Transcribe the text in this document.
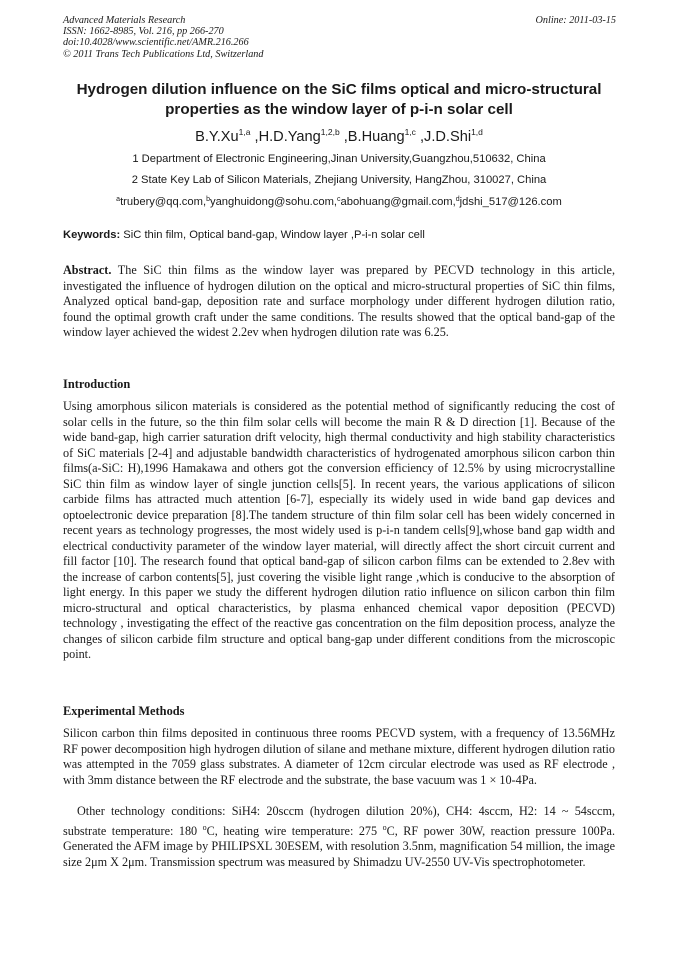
Advanced Materials Research
ISSN: 1662-8985, Vol. 216, pp 266-270
doi:10.4028/www.scientific.net/AMR.216.266
© 2011 Trans Tech Publications Ltd, Switzerland
Online: 2011-03-15
Hydrogen dilution influence on the SiC films optical and micro-structural properties as the window layer of p-i-n solar cell
B.Y.Xu$^{1,a}$ ,H.D.Yang$^{1,2,b}$ ,B.Huang$^{1,c}$ ,J.D.Shi$^{1,d}$
1 Department of Electronic Engineering,Jinan University,Guangzhou,510632, China
2 State Key Lab of Silicon Materials, Zhejiang University, HangZhou, 310027, China
$^a$trubery@qq.com,$^b$yanghuidong@sohu.com,$^c$abohuang@gmail.com,$^d$jdshi_517@126.com
Keywords: SiC thin film, Optical band-gap, Window layer ,P-i-n solar cell
Abstract. The SiC thin films as the window layer was prepared by PECVD technology in this article, investigated the influence of hydrogen dilution on the optical and micro-structural properties of SiC thin films, Analyzed optical band-gap, deposition rate and surface morphology under different hydrogen dilution ratio, found the optimal growth craft under the same conditions. The results showed that the optical band-gap of the window layer achieved the widest 2.2ev when hydrogen dilution rate was 6.25.
Introduction
Using amorphous silicon materials is considered as the potential method of significantly reducing the cost of solar cells in the future, so the thin film solar cells will become the main R & D direction [1]. Because of the wide band-gap, high carrier saturation drift velocity, high thermal conductivity and high stability characteristics of SiC materials [2-4] and adjustable bandwidth characteristics of hydrogenated amorphous silicon carbon thin films(a-SiC: H),1996 Hamakawa and others got the conversion efficiency of 12.5% by using microcrystalline SiC thin film as window layer of single junction cells[5]. In recent years, the various applications of silicon carbide films has attracted much attention [6-7], especially its widely used in wide band gap devices and optoelectronic device preparation [8].The tandem structure of thin film solar cell has been widely concerned in recent years as technology progresses, the most widely used is p-i-n tandem cells[9],whose band gap width and electrical conductivity parameter of the window layer material, will directly affect the short circuit current and fill factor [10]. The research found that optical band-gap of silicon carbon films can be extended to 2.8ev with the increase of carbon contents[5], just covering the visible light range ,which is conducive to the absorption of light energy. In this paper we study the different hydrogen dilution ratio influence on silicon carbon thin film micro-structural and optical characteristics, by plasma enhanced chemical vapor deposition (PECVD) technology , investigating the effect of the reactive gas concentration on the film deposition process, analyze the changes of silicon carbide film structure and optical bang-gap under different conditions from the microscopic point.
Experimental Methods
Silicon carbon thin films deposited in continuous three rooms PECVD system, with a frequency of 13.56MHz RF power decomposition high hydrogen dilution of silane and methane mixture, different hydrogen dilution ratio was attempted in the 7059 glass substrates. A diameter of 12cm circular electrode was used as RF electrode , with 3mm distance between the RF electrode and the substrate, the base vacuum was 1 × 10-4Pa.
Other technology conditions: SiH4: 20sccm (hydrogen dilution 20%), CH4: 4sccm, H2: 14 ~ 54sccm, substrate temperature: 180 $^o$C, heating wire temperature: 275 $^o$C, RF power 30W, reaction pressure 100Pa. Generated the AFM image by PHILIPSXL 30ESEM, with resolution 3.5nm, magnification 54 million, the image size 2μm X 2μm. Transmission spectrum was measured by Shimadzu UV-2550 UV-Vis spectrophotometer.
